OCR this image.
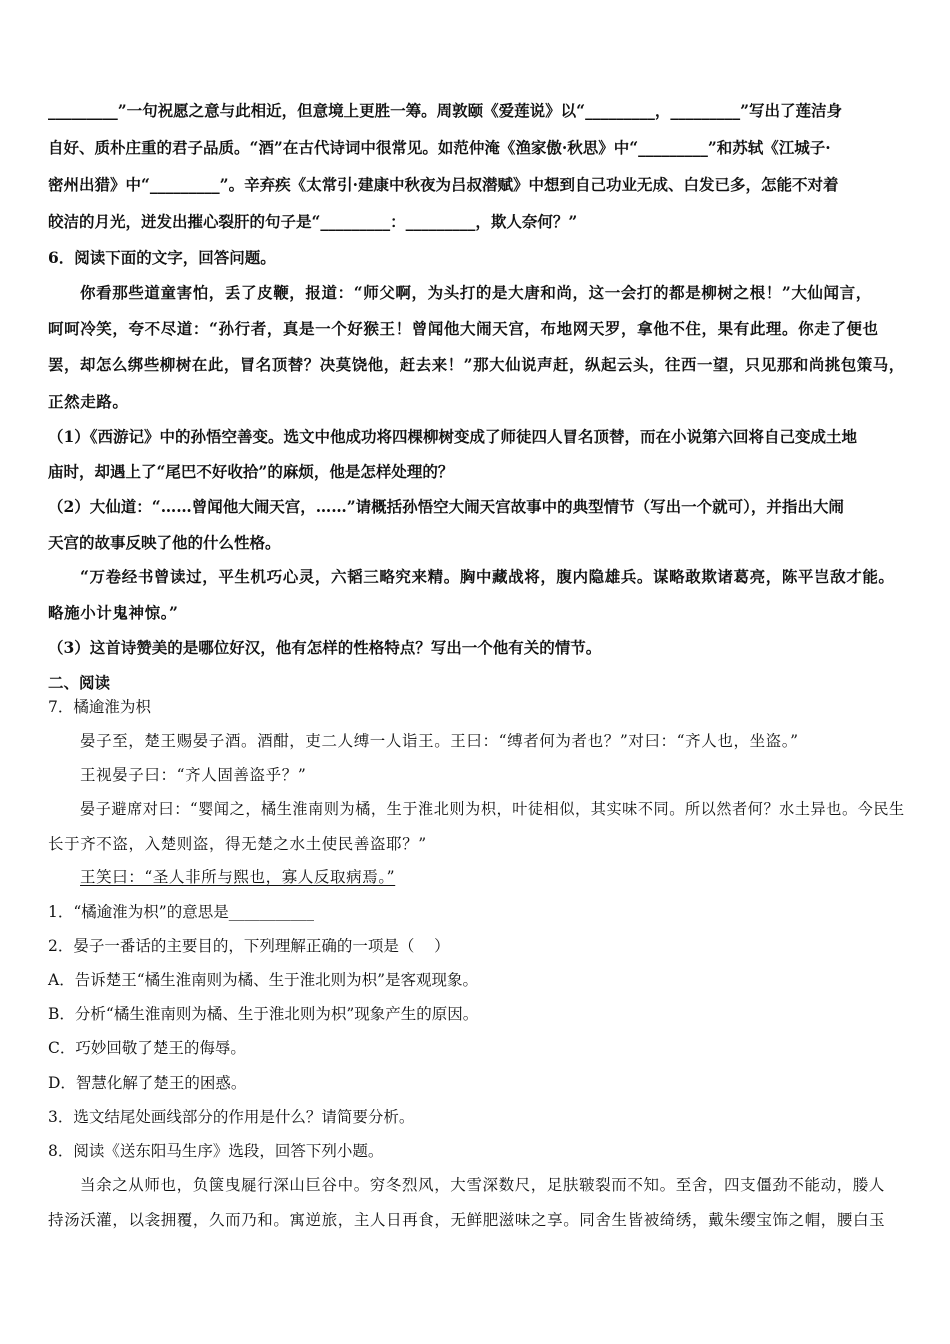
_________”一句祝愿之意与此相近，但意境上更胜一筹。周敦颐《爱莲说》以“_________，_________”写出了莲洁身
自好、质朴庄重的君子品质。“酒”在古代诗词中很常见。如范仲淹《渔家傲·秋思》中“_________”和苏轼《江城子·
密州出猎》中“_________”。辛弃疾《太常引·建康中秋夜为吕叔潜赋》中想到自己功业无成、白发已多，怎能不对着
皎洁的月光，迸发出摧心裂肝的句子是“_________：_________，欺人奈何？”
6．阅读下面的文字，回答问题。
你看那些道童害怕，丢了皮鞭，报道：“师父啊，为头打的是大唐和尚，这一会打的都是柳树之根！”大仙闻言，
呵呵冷笑，夸不尽道：“孙行者，真是一个好猴王！曾闻他大闹天宫，布地网天罗，拿他不住，果有此理。你走了便也
罢，却怎么绑些柳树在此，冒名顶替？决莫饶他，赶去来！”那大仙说声赶，纵起云头，往西一望，只见那和尚挑包策马，
正然走路。
（1）《西游记》中的孙悟空善变。选文中他成功将四棵柳树变成了师徒四人冒名顶替，而在小说第六回将自己变成土地
庙时，却遇上了“尾巴不好收拾”的麻烦，他是怎样处理的？
（2）大仙道：“……曾闻他大闹天宫，……”请概括孙悟空大闹天宫故事中的典型情节（写出一个就可），并指出大闹
天宫的故事反映了他的什么性格。
“万卷经书曾读过，平生机巧心灵，六韬三略究来精。胸中藏战将，腹内隐雄兵。谋略敢欺诸葛亮，陈平岂敌才能。
略施小计鬼神惊。”
（3）这首诗赞美的是哪位好汉，他有怎样的性格特点？写出一个他有关的情节。
二、阅读
7．橘逾淮为枳
晏子至，楚王赐晏子酒。酒酣，吏二人缚一人诣王。王曰：“缚者何为者也？”对曰：“齐人也，坐盗。”
王视晏子曰：“齐人固善盗乎？”
晏子避席对曰：“婴闻之，橘生淮南则为橘，生于淮北则为枳，叶徒相似，其实味不同。所以然者何？水土异也。今民生
长于齐不盗，入楚则盗，得无楚之水土使民善盗耶？”
王笑曰：“圣人非所与熙也，寡人反取病焉。”
1．“橘逾淮为枳”的意思是___________
2．晏子一番话的主要目的，下列理解正确的一项是（    ）
A．告诉楚王“橘生淮南则为橘、生于淮北则为枳”是客观现象。
B．分析“橘生淮南则为橘、生于淮北则为枳”现象产生的原因。
C．巧妙回敬了楚王的侮辱。
D．智慧化解了楚王的困惑。
3．选文结尾处画线部分的作用是什么？请简要分析。
8．阅读《送东阳马生序》选段，回答下列小题。
当余之从师也，负箧曳屣行深山巨谷中。穷冬烈风，大雪深数尺，足肤皲裂而不知。至舍，四支僵劲不能动，媵人
持汤沃灌，以衾拥覆，久而乃和。寓逆旅，主人日再食，无鲜肥滋味之享。同舍生皆被绮绣，戴朱缨宝饰之帽，腰白玉
